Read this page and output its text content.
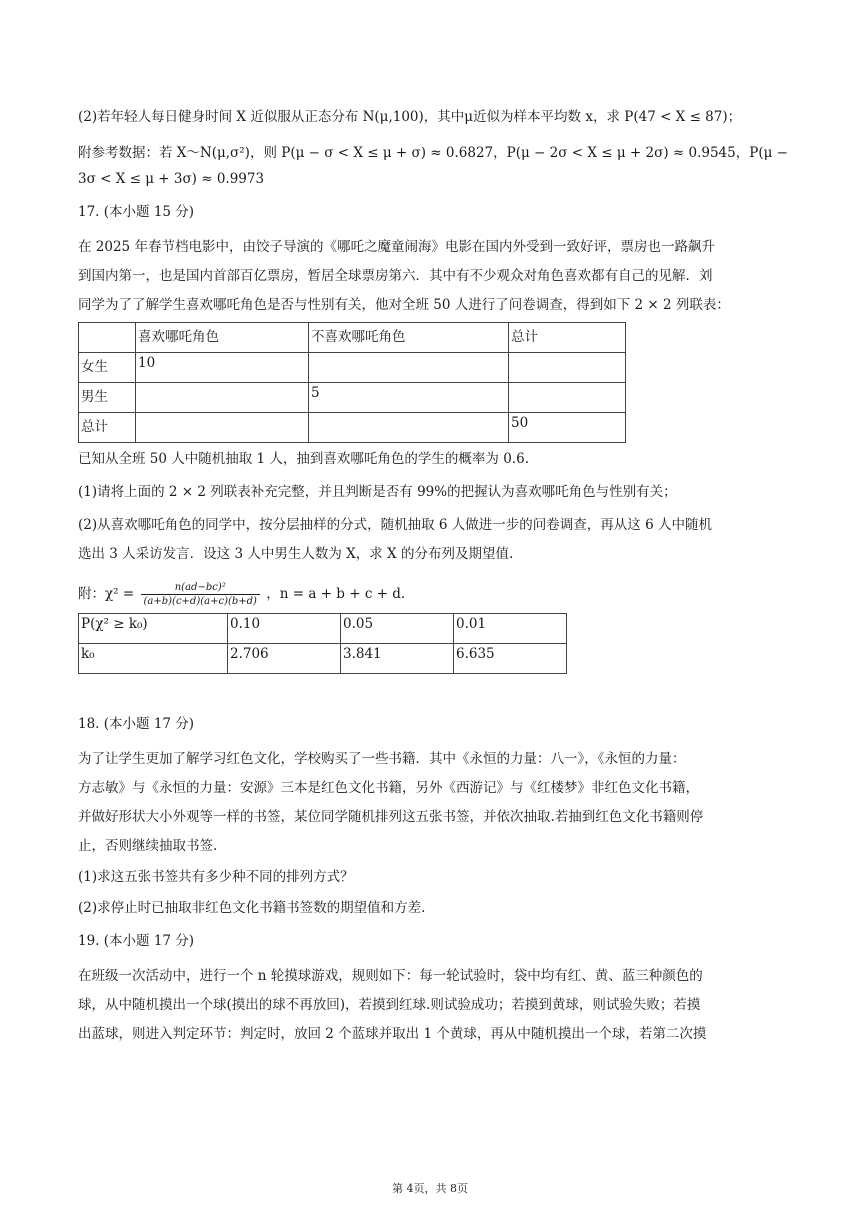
(2)若年轻人每日健身时间 X 近似服从正态分布 N(μ,100)，其中μ近似为样本平均数 x，求 P(47 < X ≤ 87)；
附参考数据：若 X～N(μ,σ²)，则 P(μ − σ < X ≤ μ + σ) ≈ 0.6827，P(μ − 2σ < X ≤ μ + 2σ) ≈ 0.9545，P(μ −
3σ < X ≤ μ + 3σ) ≈ 0.9973
17. (本小题 15 分)
在 2025 年春节档电影中，由饺子导演的《哪吒之魔童闹海》电影在国内外受到一致好评，票房也一路飙升
到国内第一，也是国内首部百亿票房，暂居全球票房第六．其中有不少观众对角色喜欢都有自己的见解．刘
同学为了了解学生喜欢哪吒角色是否与性别有关，他对全班 50 人进行了问卷调查，得到如下 2 × 2 列联表：
	喜欢哪吒角色	不喜欢哪吒角色	总计
女生	10		
男生		5	
总计			50
已知从全班 50 人中随机抽取 1 人，抽到喜欢哪吒角色的学生的概率为 0.6.
(1)请将上面的 2 × 2 列联表补充完整，并且判断是否有 99%的把握认为喜欢哪吒角色与性别有关；
(2)从喜欢哪吒角色的同学中，按分层抽样的分式，随机抽取 6 人做进一步的问卷调查，再从这 6 人中随机
选出 3 人采访发言．设这 3 人中男生人数为 X，求 X 的分布列及期望值.
附：$\chi^2 = \frac{\text{n(ad−bc)²}}{(a+b)(c+d)(a+c)(b+d)}$ ，n = a + b + c + d.
P(χ² ≥ k₀)	0.10	0.05	0.01
k₀	2.706	3.841	6.635
18. (本小题 17 分)
为了让学生更加了解学习红色文化，学校购买了一些书籍．其中《永恒的力量：八一》，《永恒的力量：
方志敏》与《永恒的力量：安源》三本是红色文化书籍，另外《西游记》与《红楼梦》非红色文化书籍，
并做好形状大小外观等一样的书签，某位同学随机排列这五张书签，并依次抽取.若抽到红色文化书籍则停
止，否则继续抽取书签.
(1)求这五张书签共有多少种不同的排列方式？
(2)求停止时已抽取非红色文化书籍书签数的期望值和方差.
19. (本小题 17 分)
在班级一次活动中，进行一个 n 轮摸球游戏，规则如下：每一轮试验时，袋中均有红、黄、蓝三种颜色的
球，从中随机摸出一个球(摸出的球不再放回)，若摸到红球.则试验成功；若摸到黄球，则试验失败；若摸
出蓝球，则进入判定环节：判定时，放回 2 个蓝球并取出 1 个黄球，再从中随机摸出一个球，若第二次摸
第 4页，共 8页
